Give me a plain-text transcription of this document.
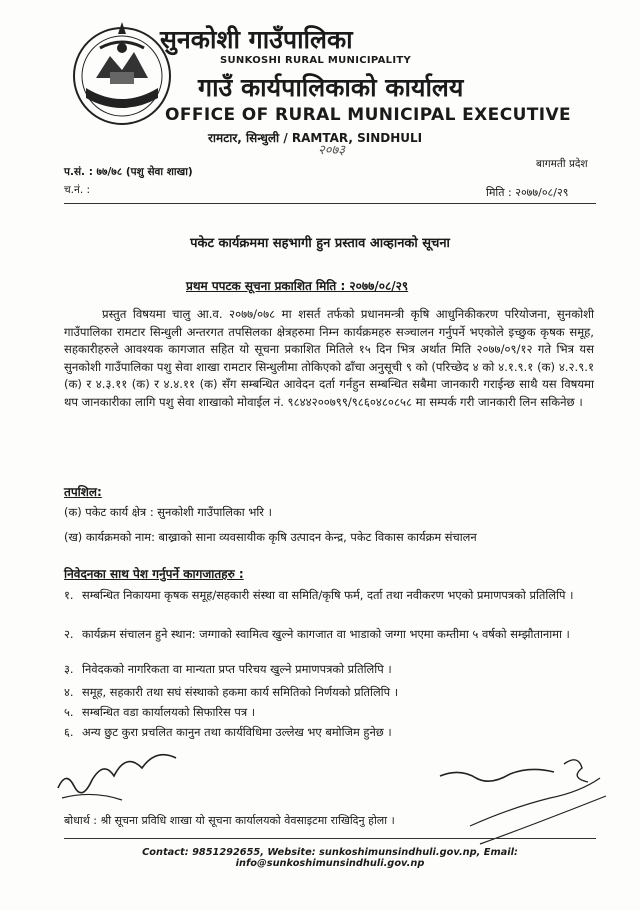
सुनकोशी गाउँपालिका
SUNKOSHI RURAL MUNICIPALITY
गाउँ कार्यपालिकाको कार्यालय
OFFICE OF RURAL MUNICIPAL EXECUTIVE
रामटार, सिन्धुली / RAMTAR, SINDHULI
२०७३
बागमती प्रदेश
प.सं. : ७७/७८ (पशु सेवा शाखा)
च.नं. :	मिति : २०७७/०८/२९
पकेट कार्यक्रममा सहभागी हुन प्रस्ताव आव्हानको सूचना
प्रथम पपटक सूचना प्रकाशित मिति : २०७७/०८/२९
प्रस्तुत विषयमा चालु आ.व. २०७७/०७८ मा शसर्त तर्फको प्रधानमन्त्री कृषि आधुनिकीकरण परियोजना, सुनकोशी गाउँपालिका रामटार सिन्धुली अन्तरगत तपसिलका क्षेत्रहरुमा निम्न कार्यक्रमहरु सञ्चालन गर्नुपर्ने भएकोले इच्छुक कृषक समूह, सहकारीहरुले आवश्यक कागजात सहित यो सूचना प्रकाशित मितिले १५ दिन भित्र अर्थात मिति २०७७/०९/१२ गते भित्र यस सुनकोशी गाउँपालिका पशु सेवा शाखा रामटार सिन्धुलीमा तोकिएको ढाँचा अनुसूची ९ को (परिच्छेद ४ को ४.१.९.१ (क) ४.२.९.१ (क) र ४.३.११ (क) र ४.४.११ (क) सँग सम्बन्धित आवेदन दर्ता गर्नहुन सम्बन्धित सबैमा जानकारी गराईन्छ साथै यस विषयमा थप जानकारीका लागि पशु सेवा शाखाको मोवाईल नं. ९८४४२००७९९/९८६०४८०८५८ मा सम्पर्क गरी जानकारी लिन सकिनेछ ।
तपशिल:
(क) पकेट कार्य क्षेत्र : सुनकोशी गाउँपालिका भरि ।
(ख) कार्यक्रमको नाम: बाख्राको साना व्यवसायीक कृषि उत्पादन केन्द्र, पकेट विकास कार्यक्रम संचालन
निवेदनका साथ पेश गर्नुपर्ने कागजातहरु :
१. सम्बन्धित निकायमा कृषक समूह/सहकारी संस्था वा समिति/कृषि फर्म, दर्ता तथा नवीकरण भएको प्रमाणपत्रको प्रतिलिपि ।
२. कार्यक्रम संचालन हुने स्थान: जग्गाको स्वामित्व खुल्ने कागजात वा भाडाको जग्गा भएमा कम्तीमा ५ वर्षको सम्झौतानामा ।
३. निवेदकको नागरिकता वा मान्यता प्रप्त परिचय खुल्ने प्रमाणपत्रको प्रतिलिपि ।
४. समूह, सहकारी तथा सघं संस्थाको हकमा कार्य समितिको निर्णयको प्रतिलिपि ।
५. सम्बन्धित वडा कार्यालयको सिफारिस पत्र ।
६. अन्य छुट कुरा प्रचलित कानुन तथा कार्यविधिमा उल्लेख भए बमोजिम हुनेछ ।
बोधार्थ : श्री सूचना प्रविधि शाखा यो सूचना कार्यालयको वेवसाइटमा राखिदिनु होला ।
Contact: 9851292655, Website: sunkoshimunsindhuli.gov.np, Email: info@sunkoshimunsindhuli.gov.np
